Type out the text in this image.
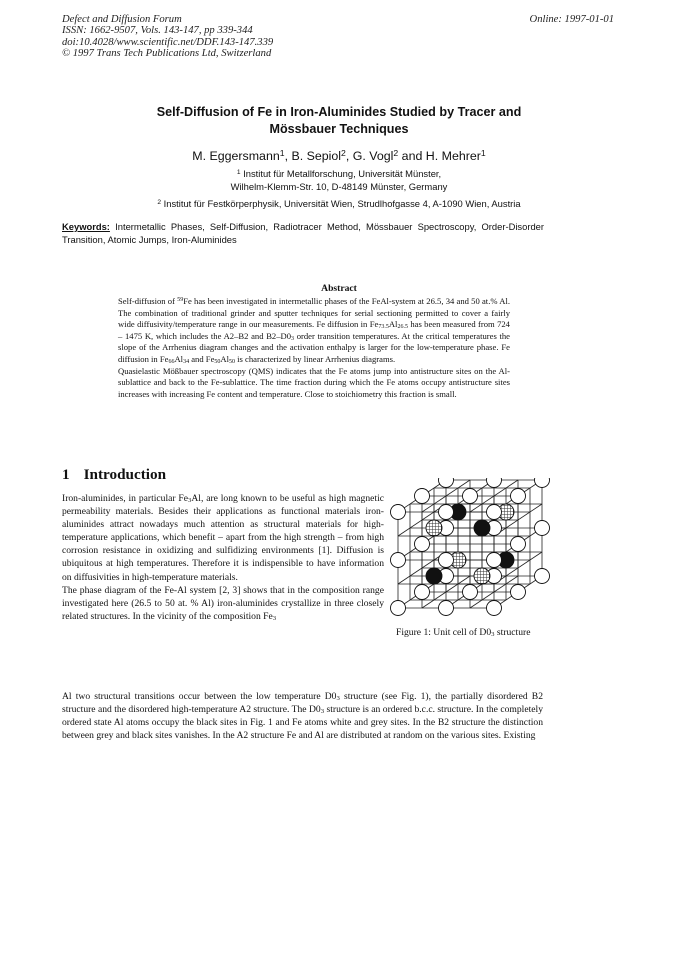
Defect and Diffusion Forum
ISSN: 1662-9507, Vols. 143-147, pp 339-344
doi:10.4028/www.scientific.net/DDF.143-147.339
© 1997 Trans Tech Publications Ltd, Switzerland
Online: 1997-01-01
Self-Diffusion of Fe in Iron-Aluminides Studied by Tracer and
Mössbauer Techniques
M. Eggersmann$^1$, B. Sepiol$^2$, G. Vogl$^2$ and H. Mehrer$^1$
$^1$ Institut für Metallforschung, Universität Münster,
Wilhelm-Klemm-Str. 10, D-48149 Münster, Germany
$^2$ Institut für Festkörperphysik, Universität Wien, Strudlhofgasse 4, A-1090 Wien, Austria
Keywords: Intermetallic Phases, Self-Diffusion, Radiotracer Method, Mössbauer Spectroscopy, Order-Disorder Transition, Atomic Jumps, Iron-Aluminides
Abstract

Self-diffusion of $^{59}$Fe has been investigated in intermetallic phases of the FeAl-system at 26.5, 34 and 50 at.% Al. The combination of traditional grinder and sputter techniques for serial sectioning permitted to cover a fairly wide diffusivity/temperature range in our measurements. Fe diffusion in $Fe_{73.5}Al_{26.5}$ has been measured from 724 – 1475 K, which includes the A2–B2 and $B2-D0_3$ order transition temperatures. At the critical temperatures the slope of the Arrhenius diagram changes and the activation enthalpy is larger for the low-temperature phase. Fe diffusion in $Fe_{66}Al_{34}$ and $Fe_{50}Al_{50}$ is characterized by linear Arrhenius diagrams.

Quasielastic Mößbauer spectroscopy (QMS) indicates that the Fe atoms jump into antistructure sites on the Al-sublattice and back to the Fe-sublattice. The time fraction during which the Fe atoms occupy antistructure sites increases with increasing Fe content and temperature. Close to stoichiometry this fraction is small.

1 Introduction

Iron-aluminides, in particular $Fe_3Al$, are long known to be useful as high magnetic permeability materials. Besides their applications as functional materials iron-aluminides attract nowadays much attention as structural materials for high-temperature applications, which benefit – apart from the high strength – from high corrosion resistance in oxidizing and sulfidizing environments [1]. Diffusion is ubiquitous at high temperatures. Therefore it is indispensible to have information on diffusivities in high-temperature materials.

The phase diagram of the Fe-Al system [2, 3] shows that in the composition range investigated here (26.5 to 50 at. % Al) iron-aluminides crystallize in three closely related structures. In the vicinity of the composition $Fe_3$

Figure 1: Unit cell of $D0_3$ structure

Al two structural transitions occur between the low temperature $D0_3$ structure (see Fig. 1), the partially disordered B2 structure and the disordered high-temperature A2 structure. The $D0_3$ structure is an ordered b.c.c. structure. In the completely ordered state Al atoms occupy the black sites in Fig. 1 and Fe atoms white and grey sites. In the B2 structure the distinction between grey and black sites vanishes. In the A2 structure Fe and Al are distributed at random on the various sites. Existing
